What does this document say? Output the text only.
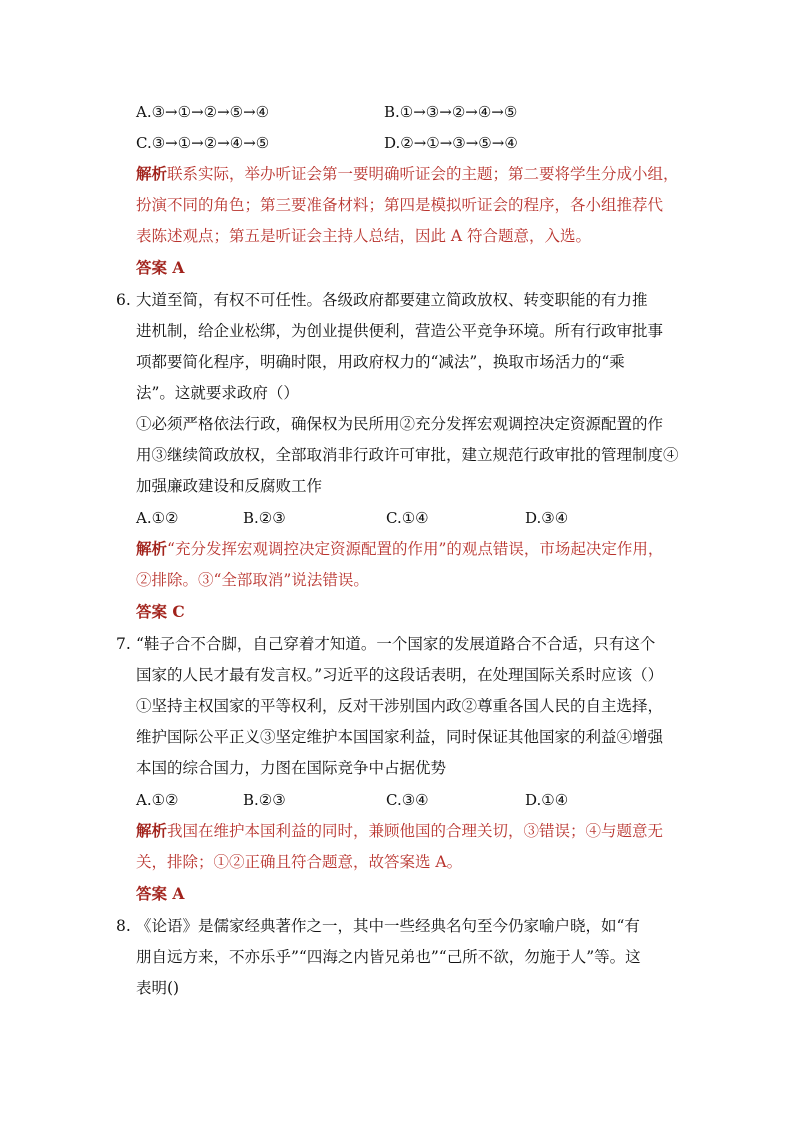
A.③→①→②→⑤→④	B.①→③→②→④→⑤
C.③→①→②→④→⑤	D.②→①→③→⑤→④
解析联系实际，举办听证会第一要明确听证会的主题；第二要将学生分成小组，
扮演不同的角色；第三要准备材料；第四是模拟听证会的程序，各小组推荐代
表陈述观点；第五是听证会主持人总结，因此 A 符合题意，入选。
答案 A
6. 大道至简，有权不可任性。各级政府都要建立简政放权、转变职能的有力推
进机制，给企业松绑，为创业提供便利，营造公平竞争环境。所有行政审批事
项都要简化程序，明确时限，用政府权力的“减法”，换取市场活力的“乘
法”。这就要求政府（）
①必须严格依法行政，确保权为民所用②充分发挥宏观调控决定资源配置的作
用③继续简政放权，全部取消非行政许可审批，建立规范行政审批的管理制度④
加强廉政建设和反腐败工作
A.①②	B.②③	C.①④	D.③④
解析“充分发挥宏观调控决定资源配置的作用”的观点错误，市场起决定作用，
②排除。③“全部取消”说法错误。
答案 C
7. “鞋子合不合脚，自己穿着才知道。一个国家的发展道路合不合适，只有这个
国家的人民才最有发言权。”习近平的这段话表明，在处理国际关系时应该（）
①坚持主权国家的平等权利，反对干涉别国内政②尊重各国人民的自主选择，
维护国际公平正义③坚定维护本国国家利益，同时保证其他国家的利益④增强
本国的综合国力，力图在国际竞争中占据优势
A.①②	B.②③	C.③④	D.①④
解析我国在维护本国利益的同时，兼顾他国的合理关切，③错误；④与题意无
关，排除；①②正确且符合题意，故答案选 A。
答案 A
8. 《论语》是儒家经典著作之一，其中一些经典名句至今仍家喻户晓，如“有
朋自远方来，不亦乐乎”“四海之内皆兄弟也”“己所不欲，勿施于人”等。这
表明()
